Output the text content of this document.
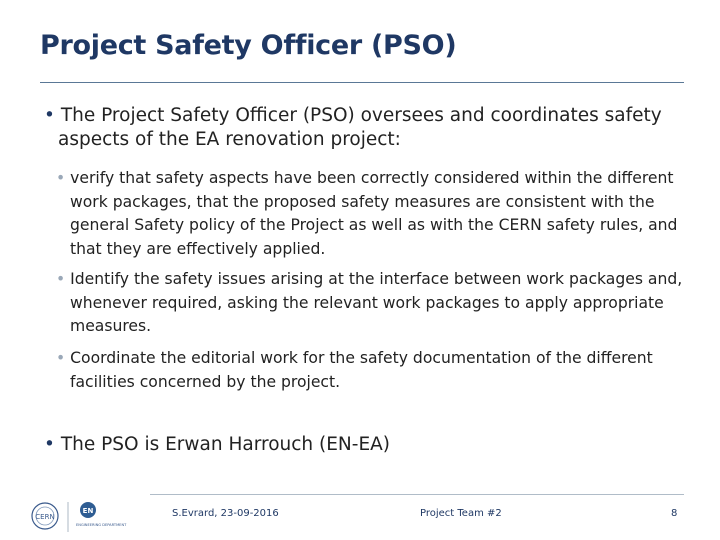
Project Safety Officer (PSO)
• The Project Safety Officer (PSO) oversees and coordinates safety aspects of the EA renovation project:
• verify that safety aspects have been correctly considered within the different work packages, that the proposed safety measures are consistent with the general Safety policy of the Project as well as with the CERN safety rules, and that they are effectively applied.
• Identify the safety issues arising at the interface between work packages and, whenever required, asking the relevant work packages to apply appropriate measures.
• Coordinate the editorial work for the safety documentation of the different facilities concerned by the project.
• The PSO is Erwan Harrouch (EN-EA)
CERN
EN
ENGINEERING DEPARTMENT
S.Evrard, 23-09-2016	Project Team #2	8
